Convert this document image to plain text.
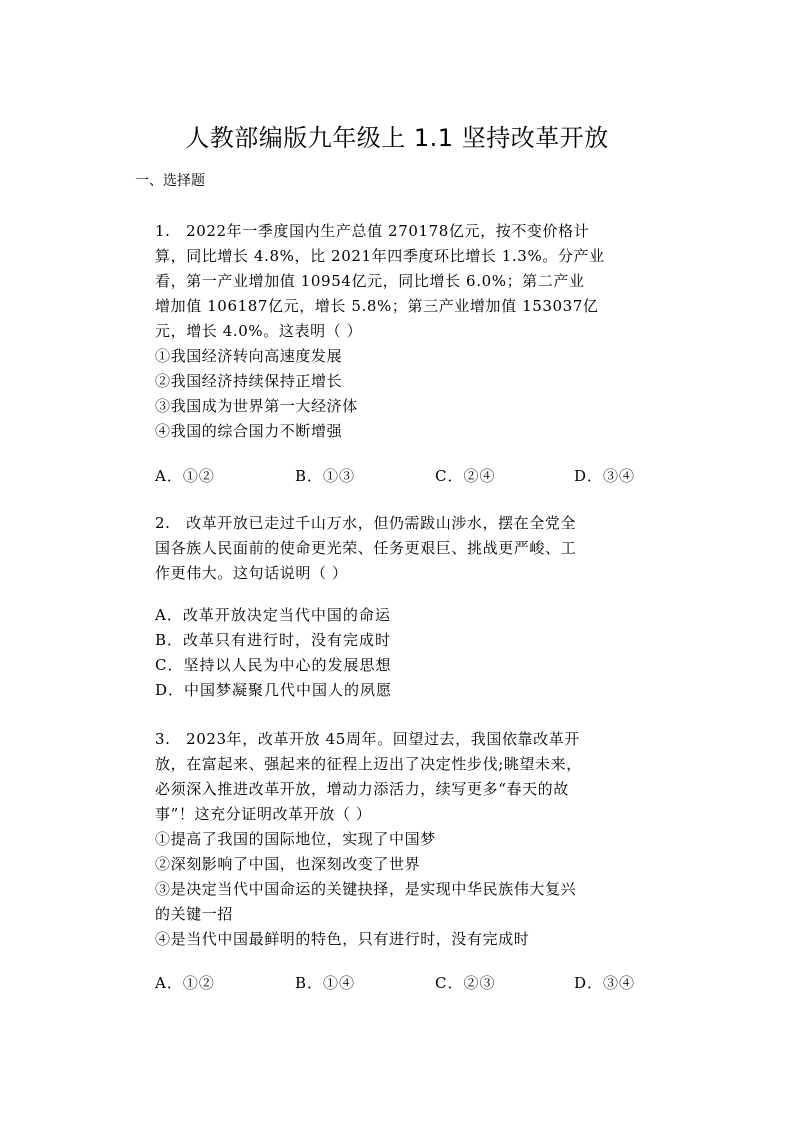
人教部编版九年级上 1.1 坚持改革开放
一、选择题
1.　2022年一季度国内生产总值 270178亿元，按不变价格计
算，同比增长 4.8%，比 2021年四季度环比增长 1.3%。分产业
看，第一产业增加值 10954亿元，同比增长 6.0%；第二产业
增加值 106187亿元，增长 5.8%；第三产业增加值 153037亿
元，增长 4.0%。这表明（ ）
①我国经济转向高速度发展
②我国经济持续保持正增长
③我国成为世界第一大经济体
④我国的综合国力不断增强
A．①②	B．①③	C．②④	D．③④
2.　改革开放已走过千山万水，但仍需跋山涉水，摆在全党全
国各族人民面前的使命更光荣、任务更艰巨、挑战更严峻、工
作更伟大。这句话说明（ ）
A．改革开放决定当代中国的命运
B．改革只有进行时，没有完成时
C．坚持以人民为中心的发展思想
D．中国梦凝聚几代中国人的夙愿
3.　2023年，改革开放 45周年。回望过去，我国依靠改革开
放，在富起来、强起来的征程上迈出了决定性步伐;眺望未来，
必须深入推进改革开放，增动力添活力，续写更多“春天的故
事”！这充分证明改革开放（ ）
①提高了我国的国际地位，实现了中国梦
②深刻影响了中国，也深刻改变了世界
③是决定当代中国命运的关键抉择，是实现中华民族伟大复兴
的关键一招
④是当代中国最鲜明的特色，只有进行时，没有完成时
A．①②	B．①④	C．②③	D．③④
